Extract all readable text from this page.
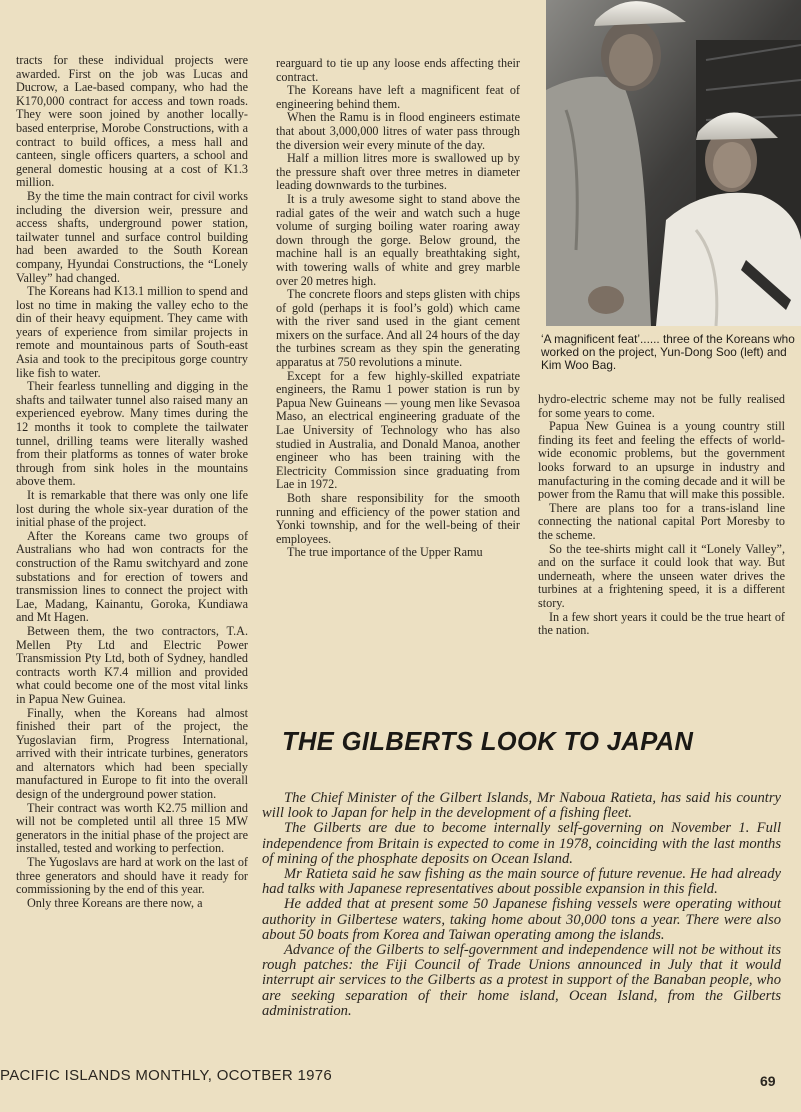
tracts for these individual projects were awarded. First on the job was Lucas and Ducrow, a Lae-based company, who had the K170,000 contract for access and town roads. They were soon joined by another locally-based enterprise, Morobe Constructions, with a contract to build offices, a mess hall and canteen, single officers quarters, a school and general domestic housing at a cost of K1.3 million.

By the time the main contract for civil works including the diversion weir, pressure and access shafts, underground power station, tailwater tunnel and surface control building had been awarded to the South Korean company, Hyundai Constructions, the “Lonely Valley” had changed.

The Koreans had K13.1 million to spend and lost no time in making the valley echo to the din of their heavy equipment. They came with years of experience from similar projects in remote and mountainous parts of South-east Asia and took to the precipitous gorge country like fish to water.

Their fearless tunnelling and digging in the shafts and tailwater tunnel also raised many an experienced eyebrow. Many times during the 12 months it took to complete the tailwater tunnel, drilling teams were literally washed from their platforms as tonnes of water broke through from sink holes in the mountains above them.

It is remarkable that there was only one life lost during the whole six-year duration of the initial phase of the project.

After the Koreans came two groups of Australians who had won contracts for the construction of the Ramu switchyard and zone substations and for erection of towers and transmission lines to connect the project with Lae, Madang, Kainantu, Goroka, Kundiawa and Mt Hagen.

Between them, the two contractors, T.A. Mellen Pty Ltd and Electric Power Transmission Pty Ltd, both of Sydney, handled contracts worth K7.4 million and provided what could become one of the most vital links in Papua New Guinea.

Finally, when the Koreans had almost finished their part of the project, the Yugoslavian firm, Progress International, arrived with their intricate turbines, generators and alternators which had been specially manufactured in Europe to fit into the overall design of the underground power station.

Their contract was worth K2.75 million and will not be completed until all three 15 MW generators in the initial phase of the project are installed, tested and working to perfection.

The Yugoslavs are hard at work on the last of three generators and should have it ready for commissioning by the end of this year.

Only three Koreans are there now, a

rearguard to tie up any loose ends affecting their contract.

The Koreans have left a magnificent feat of engineering behind them.

When the Ramu is in flood engineers estimate that about 3,000,000 litres of water pass through the diversion weir every minute of the day.

Half a million litres more is swallowed up by the pressure shaft over three metres in diameter leading downwards to the turbines.

It is a truly awesome sight to stand above the radial gates of the weir and watch such a huge volume of surging boiling water roaring away down through the gorge. Below ground, the machine hall is an equally breathtaking sight, with towering walls of white and grey marble over 20 metres high.

The concrete floors and steps glisten with chips of gold (perhaps it is fool’s gold) which came with the river sand used in the giant cement mixers on the surface. And all 24 hours of the day the turbines scream as they spin the generating apparatus at 750 revolutions a minute.

Except for a few highly-skilled expatriate engineers, the Ramu 1 power station is run by Papua New Guineans — young men like Sevasoa Maso, an electrical engineering graduate of the Lae University of Technology who has also studied in Australia, and Donald Manoa, another engineer who has been training with the Electricity Commission since graduating from Lae in 1972.

Both share responsibility for the smooth running and efficiency of the power station and Yonki township, and for the well-being of their employees.

The true importance of the Upper Ramu

‘A magnificent feat’...... three of the Koreans who worked on the project, Yun-Dong Soo (left) and Kim Woo Bag.

hydro-electric scheme may not be fully realised for some years to come.

Papua New Guinea is a young country still finding its feet and feeling the effects of world-wide economic problems, but the government looks forward to an upsurge in industry and manufacturing in the coming decade and it will be power from the Ramu that will make this possible.

There are plans too for a trans-island line connecting the national capital Port Moresby to the scheme.

So the tee-shirts might call it “Lonely Valley”, and on the surface it could look that way. But underneath, where the unseen water drives the turbines at a frightening speed, it is a different story.

In a few short years it could be the true heart of the nation.

THE GILBERTS LOOK TO JAPAN

The Chief Minister of the Gilbert Islands, Mr Naboua Ratieta, has said his country will look to Japan for help in the development of a fishing fleet.

The Gilberts are due to become internally self-governing on November 1. Full independence from Britain is expected to come in 1978, coinciding with the last months of mining of the phosphate deposits on Ocean Island.

Mr Ratieta said he saw fishing as the main source of future revenue. He had already had talks with Japanese representatives about possible expansion in this field.

He added that at present some 50 Japanese fishing vessels were operating without authority in Gilbertese waters, taking home about 30,000 tons a year. There were also about 50 boats from Korea and Taiwan operating among the islands.

Advance of the Gilberts to self-government and independence will not be without its rough patches: the Fiji Council of Trade Unions announced in July that it would interrupt air services to the Gilberts as a protest in support of the Banaban people, who are seeking separation of their home island, Ocean Island, from the Gilberts administration.

PACIFIC ISLANDS MONTHLY, OCOTBER 1976	69
